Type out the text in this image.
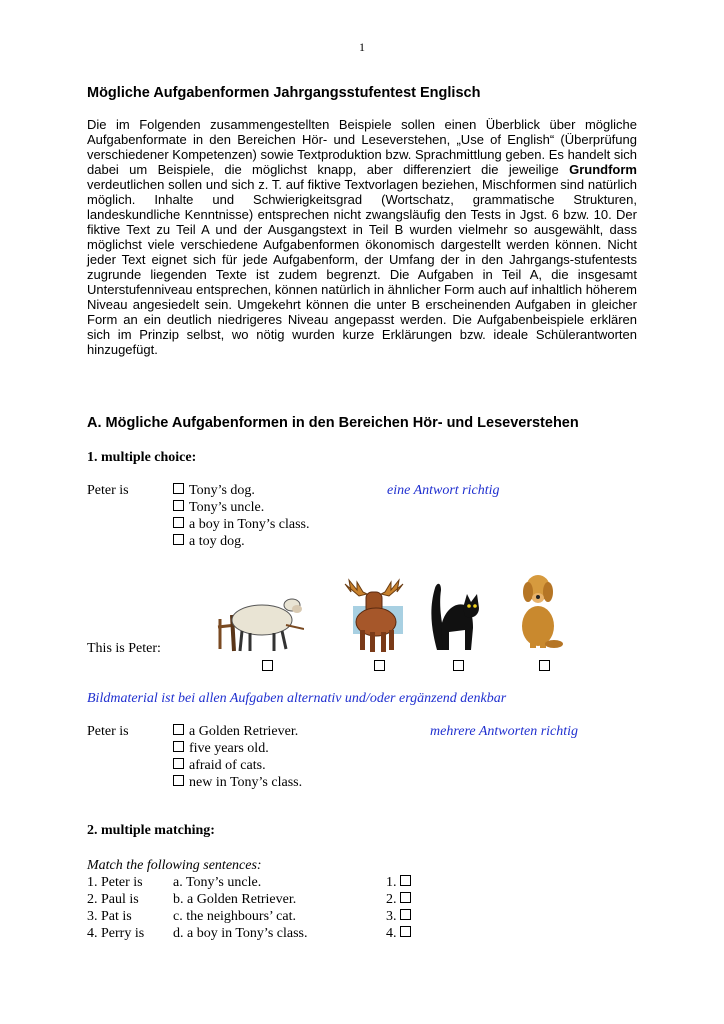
1
Mögliche Aufgabenformen Jahrgangsstufentest Englisch
Die im Folgenden zusammengestellten Beispiele sollen einen Überblick über mögliche Aufgabenformate in den Bereichen Hör- und Leseverstehen, „Use of English“ (Überprüfung verschiedener Kompetenzen) sowie Textproduktion bzw. Sprachmittlung geben. Es handelt sich dabei um Beispiele, die möglichst knapp, aber differenziert die jeweilige Grundform verdeutlichen sollen und sich z. T. auf fiktive Textvorlagen beziehen, Mischformen sind natürlich möglich. Inhalte und Schwierigkeitsgrad (Wortschatz, grammatische Strukturen, landeskundliche Kenntnisse) entsprechen nicht zwangsläufig den Tests in Jgst. 6 bzw. 10. Der fiktive Text zu Teil A und der Ausgangstext in Teil B wurden vielmehr so ausgewählt, dass möglichst viele verschiedene Aufgabenformen ökonomisch dargestellt werden können. Nicht jeder Text eignet sich für jede Aufgabenform, der Umfang der in den Jahrgangs-stufentests zugrunde liegenden Texte ist zudem begrenzt. Die Aufgaben in Teil A, die insgesamt Unterstufenniveau entsprechen, können natürlich in ähnlicher Form auch auf inhaltlich höherem Niveau angesiedelt sein. Umgekehrt können die unter B erscheinenden Aufgaben in gleicher Form an ein deutlich niedrigeres Niveau angepasst werden. Die Aufgabenbeispiele erklären sich im Prinzip selbst, wo nötig wurden kurze Erklärungen bzw. ideale Schülerantworten hinzugefügt.
A. Mögliche Aufgabenformen in den Bereichen Hör- und Leseverstehen
1. multiple choice:
Peter is	Tony’s dog.
Tony’s uncle.
a boy in Tony’s class.
a toy dog.
eine Antwort richtig
This is Peter:
Bildmaterial ist bei allen Aufgaben alternativ und/oder ergänzend denkbar
Peter is	a Golden Retriever.
five years old.
afraid of cats.
new in Tony’s class.
mehrere Antworten richtig
2. multiple matching:
Match the following sentences:
1. Peter is
2. Paul is
3. Pat is
4. Perry is
a. Tony’s uncle.
b. a Golden Retriever.
c. the neighbours’ cat.
d. a boy in Tony’s class.
1.
2.
3.
4.
